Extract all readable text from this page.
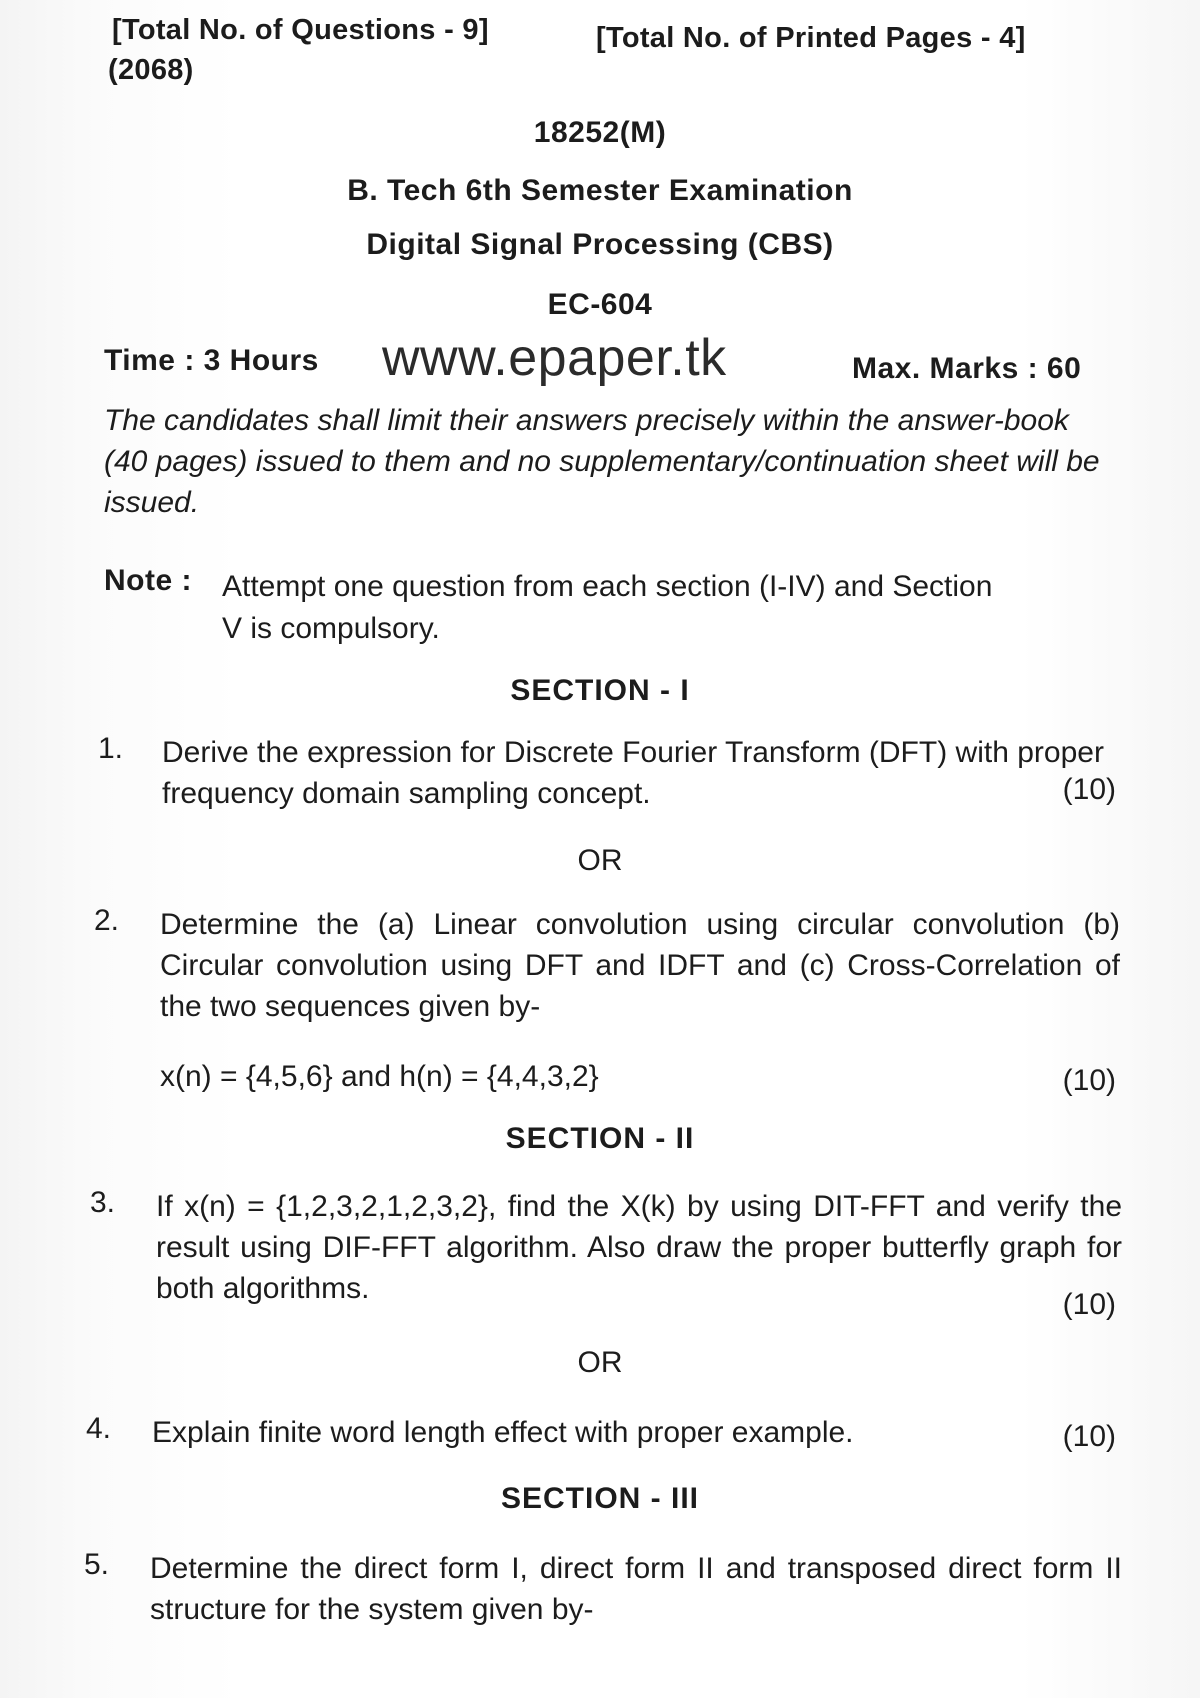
[Total No. of Questions - 9]	[Total No. of Printed Pages - 4]
(2068)
18252(M)
B. Tech 6th Semester Examination
Digital Signal Processing (CBS)
EC-604
Time : 3 Hours www.epaper.tk	Max. Marks : 60
The candidates shall limit their answers precisely within the answer-book (40 pages) issued to them and no supplementary/continuation sheet will be issued.
Note : Attempt one question from each section (I-IV) and Section
V is compulsory.
SECTION - I
1. Derive the expression for Discrete Fourier Transform (DFT) with proper frequency domain sampling concept.	(10)
OR
2. Determine the (a) Linear convolution using circular convolution (b) Circular convolution using DFT and IDFT and (c) Cross-Correlation of the two sequences given by-
x(n) = {4,5,6} and h(n) = {4,4,3,2}	(10)
SECTION - II
3. If x(n) = {1,2,3,2,1,2,3,2}, find the X(k) by using DIT-FFT and verify the result using DIF-FFT algorithm. Also draw the proper butterfly graph for both algorithms.	(10)
OR
4. Explain finite word length effect with proper example.	(10)
SECTION - III
5. Determine the direct form I, direct form II and transposed direct form II structure for the system given by-
